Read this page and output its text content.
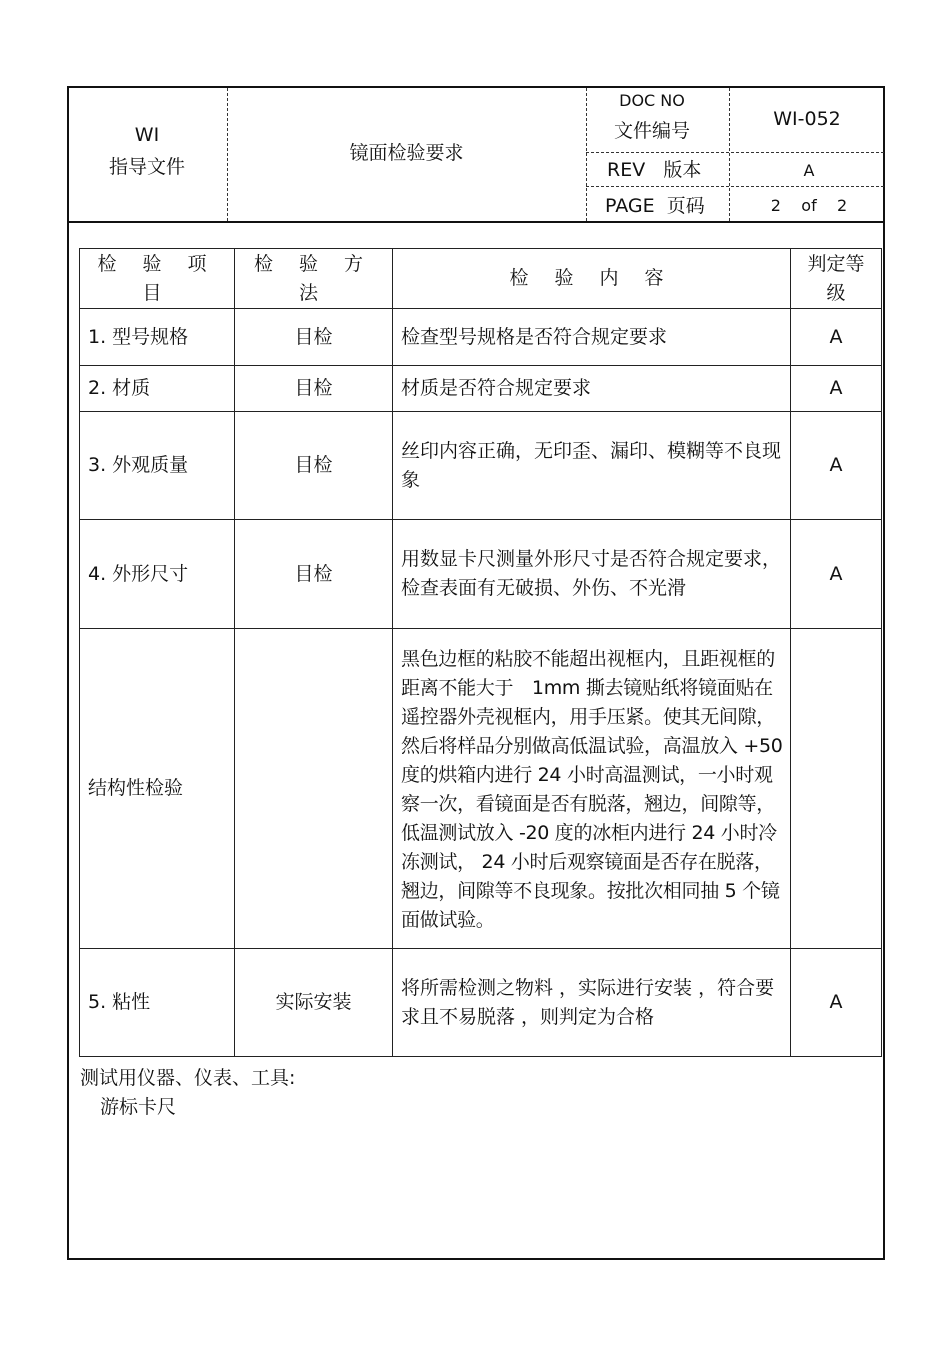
WI
指导文件
镜面检验要求
DOC NO
文件编号
WI-052
REV   版本	A
PAGE  页码	2    of    2
检 验 项 目	检 验 方 法	检 验 内 容	判定等级
1. 型号规格	目检	检查型号规格是否符合规定要求	A
2. 材质	目检	材质是否符合规定要求	A
3. 外观质量	目检	丝印内容正确，无印歪、漏印、模糊等不良现象	A
4. 外形尺寸	目检	用数显卡尺测量外形尺寸是否符合规定要求，检查表面有无破损、外伤、不光滑	A
结构性检验		黑色边框的粘胶不能超出视框内，且距视框的距离不能大于　1mm 撕去镜贴纸将镜面贴在遥控器外壳视框内，用手压紧。使其无间隙，然后将样品分别做高低温试验，高温放入 +50 度的烘箱内进行 24 小时高温测试，一小时观察一次，看镜面是否有脱落，翘边，间隙等，低温测试放入 -20 度的冰柜内进行 24 小时冷冻测试， 24 小时后观察镜面是否存在脱落，翘边，间隙等不良现象。按批次相同抽 5 个镜面做试验。	
5. 粘性	实际安装	将所需检测之物料 ，实际进行安装 ，符合要求且不易脱落 ，则判定为合格	A
测试用仪器、仪表、工具:
游标卡尺
